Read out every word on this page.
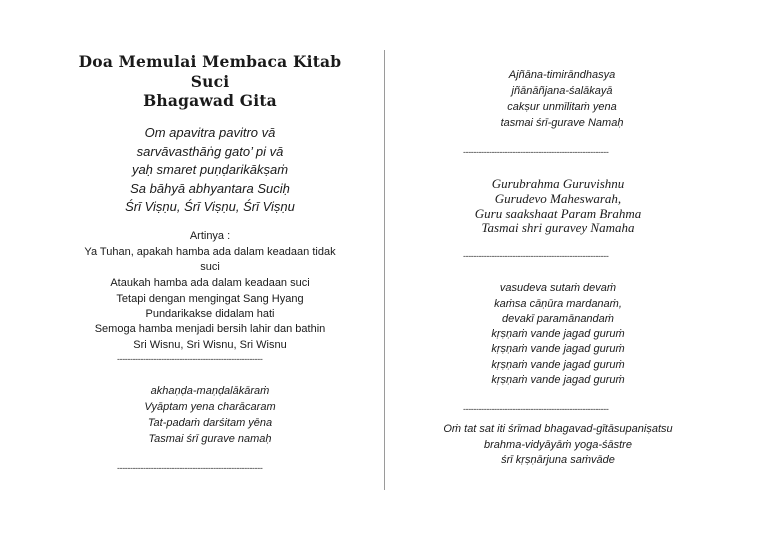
Doa Memulai Membaca Kitab
Suci
Bhagawad Gita
Om apavitra pavitro vā
sarvāvasthāṅg gato’ pi vā
yaḥ smaret puṇḍarikākṣaṁ
Sa bāhyā abhyantara Suciḥ
Śrī Viṣṇu, Śrī Viṣṇu, Śrī Viṣṇu
Artinya :
Ya Tuhan, apakah hamba ada dalam keadaan tidak
suci
Ataukah hamba ada dalam keadaan suci
Tetapi dengan mengingat Sang Hyang
Pundarikakse didalam hati
Semoga hamba menjadi bersih lahir dan bathin
Sri Wisnu, Sri Wisnu, Sri Wisnu
--------------------------------------------------------
akhaṇḍa-maṇḍalākāraṁ
Vyāptam yena charācaram
Tat-padaṁ darśitam yēna
Tasmai śrī gurave namaḥ
--------------------------------------------------------
Ajñāna-timirāndhasya
jñānāñjana-śalākayā
cakṣur unmīlitaṁ yena
tasmai śrī-gurave Namaḥ
--------------------------------------------------------
Gurubrahma Guruvishnu
Gurudevo Maheswarah,
Guru saakshaat Param Brahma
Tasmai shri guravey Namaha
--------------------------------------------------------
vasudeva sutaṁ devaṁ
kaṁsa cāṇūra mardanaṁ,
devakī paramānandaṁ
kṛṣṇaṁ vande jagad guruṁ
kṛṣṇaṁ vande jagad guruṁ
kṛṣṇaṁ vande jagad guruṁ
kṛṣṇaṁ vande jagad guruṁ
--------------------------------------------------------
Oṁ tat sat iti śrīmad bhagavad-gītāsupaniṣatsu
brahma-vidyāyāṁ yoga-śāstre
śrī kṛṣṇārjuna saṁvāde
